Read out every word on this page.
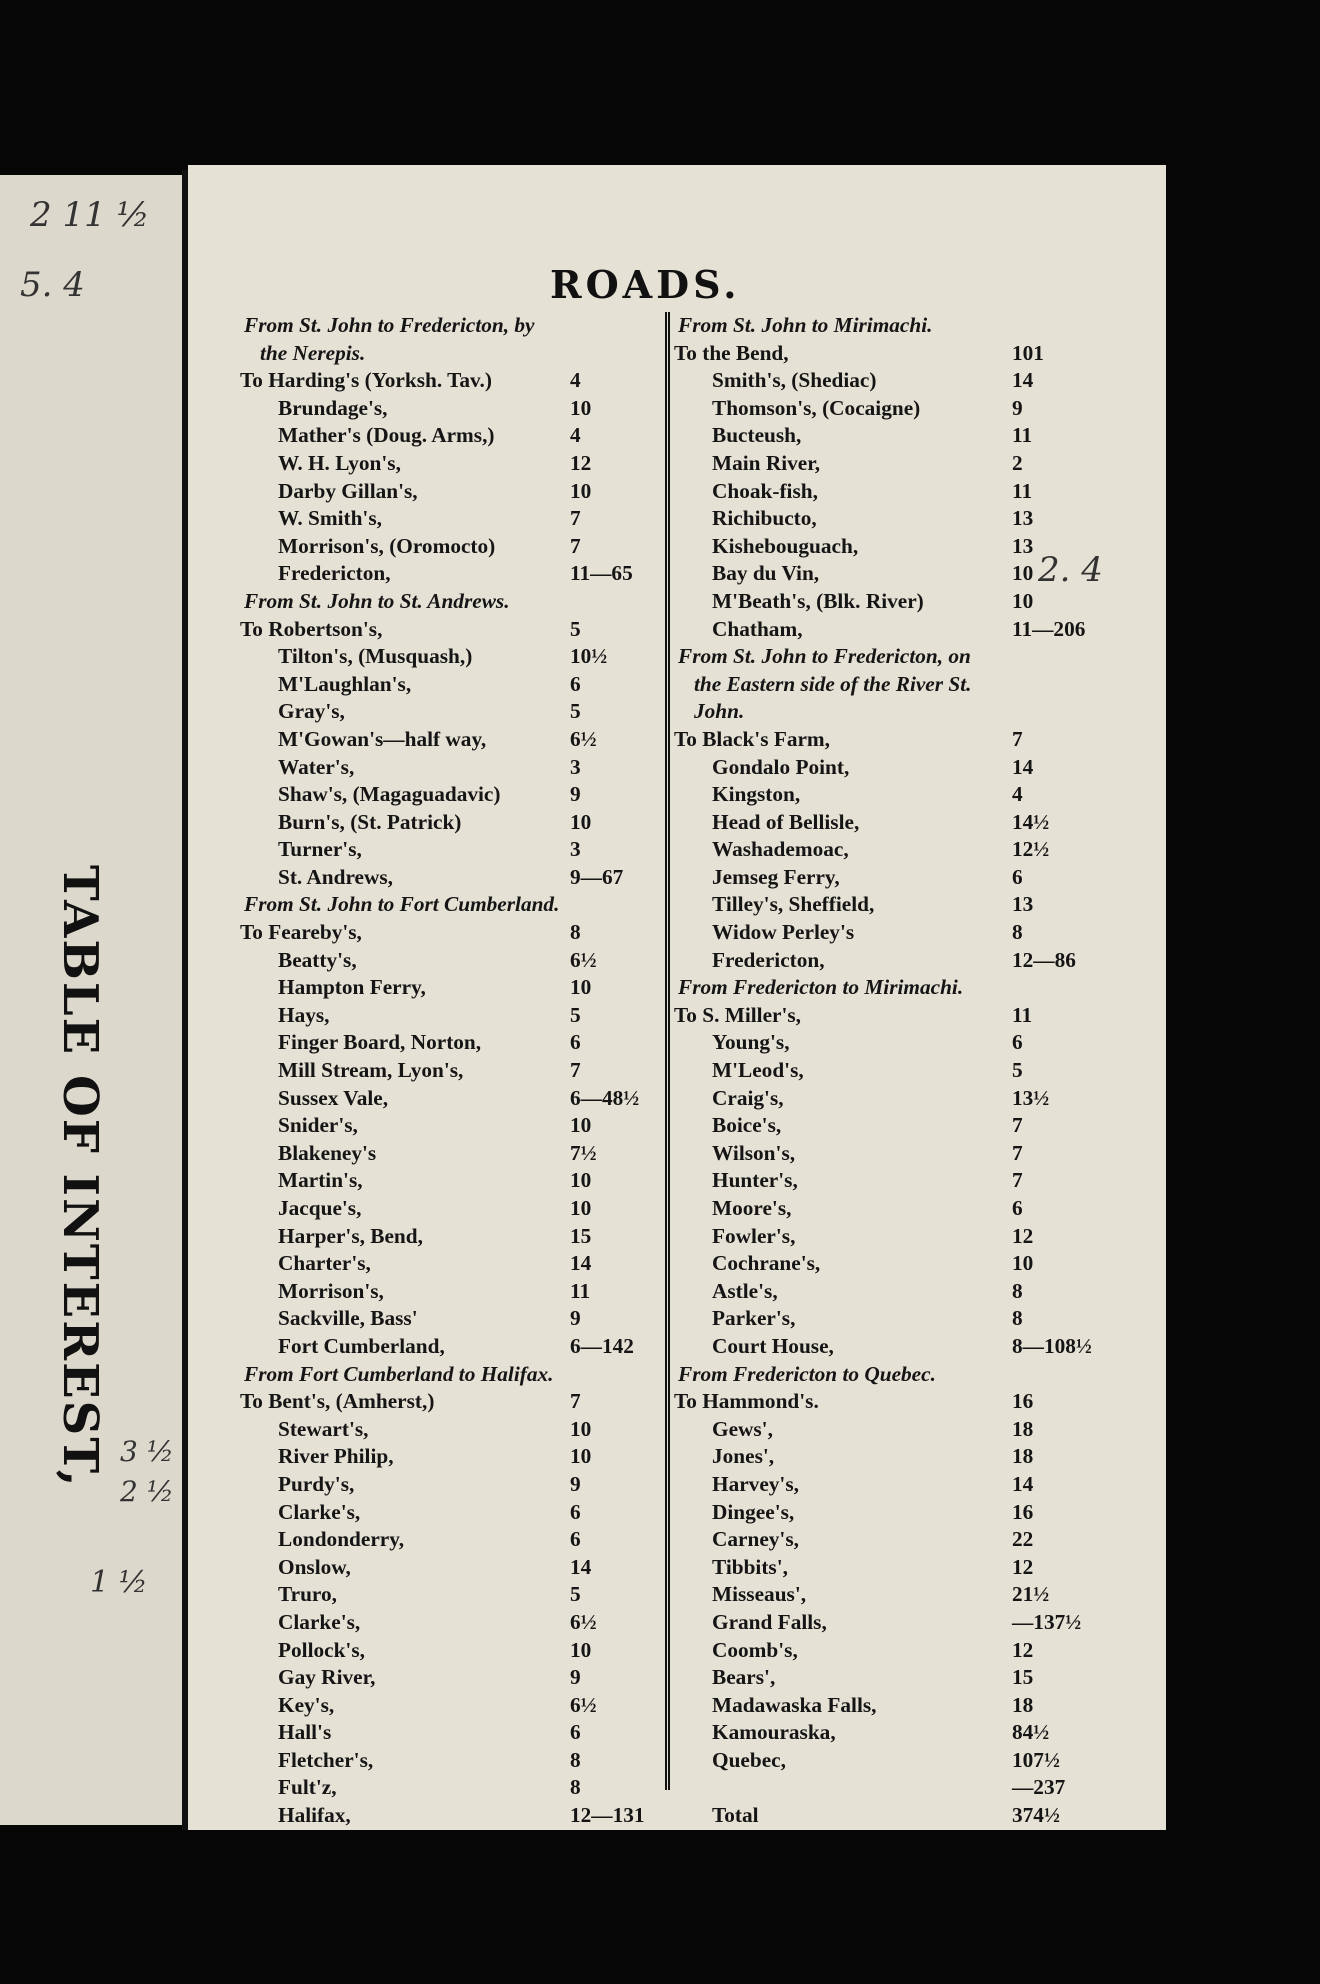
TABLE OF INTEREST,
2 11 ½
5. 4
3 ½
2 ½
1 ½
2. 4
ROADS.
From St. John to Fredericton, by
the Nerepis.
To Harding's (Yorksh. Tav.)	4
Brundage's,	10
Mather's (Doug. Arms,)	4
W. H. Lyon's,	12
Darby Gillan's,	10
W. Smith's,	7
Morrison's, (Oromocto)	7
Fredericton,	11—65
From St. John to St. Andrews.
To Robertson's,	5
Tilton's, (Musquash,)	10½
M'Laughlan's,	6
Gray's,	5
M'Gowan's—half way,	6½
Water's,	3
Shaw's, (Magaguadavic)	9
Burn's, (St. Patrick)	10
Turner's,	3
St. Andrews,	9—67
From St. John to Fort Cumberland.
To Feareby's,	8
Beatty's,	6½
Hampton Ferry,	10
Hays,	5
Finger Board, Norton,	6
Mill Stream, Lyon's,	7
Sussex Vale,	6—48½
Snider's,	10
Blakeney's	7½
Martin's,	10
Jacque's,	10
Harper's, Bend,	15
Charter's,	14
Morrison's,	11
Sackville, Bass'	9
Fort Cumberland,	6—142
From Fort Cumberland to Halifax.
To Bent's, (Amherst,)	7
Stewart's,	10
River Philip,	10
Purdy's,	9
Clarke's,	6
Londonderry,	6
Onslow,	14
Truro,	5
Clarke's,	6½
Pollock's,	10
Gay River,	9
Key's,	6½
Hall's	6
Fletcher's,	8
Fult'z,	8
Halifax,	12—131
From St. John to Mirimachi.
To the Bend,	101
Smith's, (Shediac)	14
Thomson's, (Cocaigne)	9
Bucteush,	11
Main River,	2
Choak-fish,	11
Richibucto,	13
Kishebouguach,	13
Bay du Vin,	10
M'Beath's, (Blk. River)	10
Chatham,	11—206
From St. John to Fredericton, on
the Eastern side of the River St.
John.
To Black's Farm,	7
Gondalo Point,	14
Kingston,	4
Head of Bellisle,	14½
Washademoac,	12½
Jemseg Ferry,	6
Tilley's, Sheffield,	13
Widow Perley's	8
Fredericton,	12—86
From Fredericton to Mirimachi.
To S. Miller's,	11
Young's,	6
M'Leod's,	5
Craig's,	13½
Boice's,	7
Wilson's,	7
Hunter's,	7
Moore's,	6
Fowler's,	12
Cochrane's,	10
Astle's,	8
Parker's,	8
Court House,	8—108½
From Fredericton to Quebec.
To Hammond's.	16
Gews',	18
Jones',	18
Harvey's,	14
Dingee's,	16
Carney's,	22
Tibbits',	12
Misseaus',	21½
Grand Falls,	—137½
Coomb's,	12
Bears',	15
Madawaska Falls,	18
Kamouraska,	84½
Quebec,	107½
—237
Total	374½
